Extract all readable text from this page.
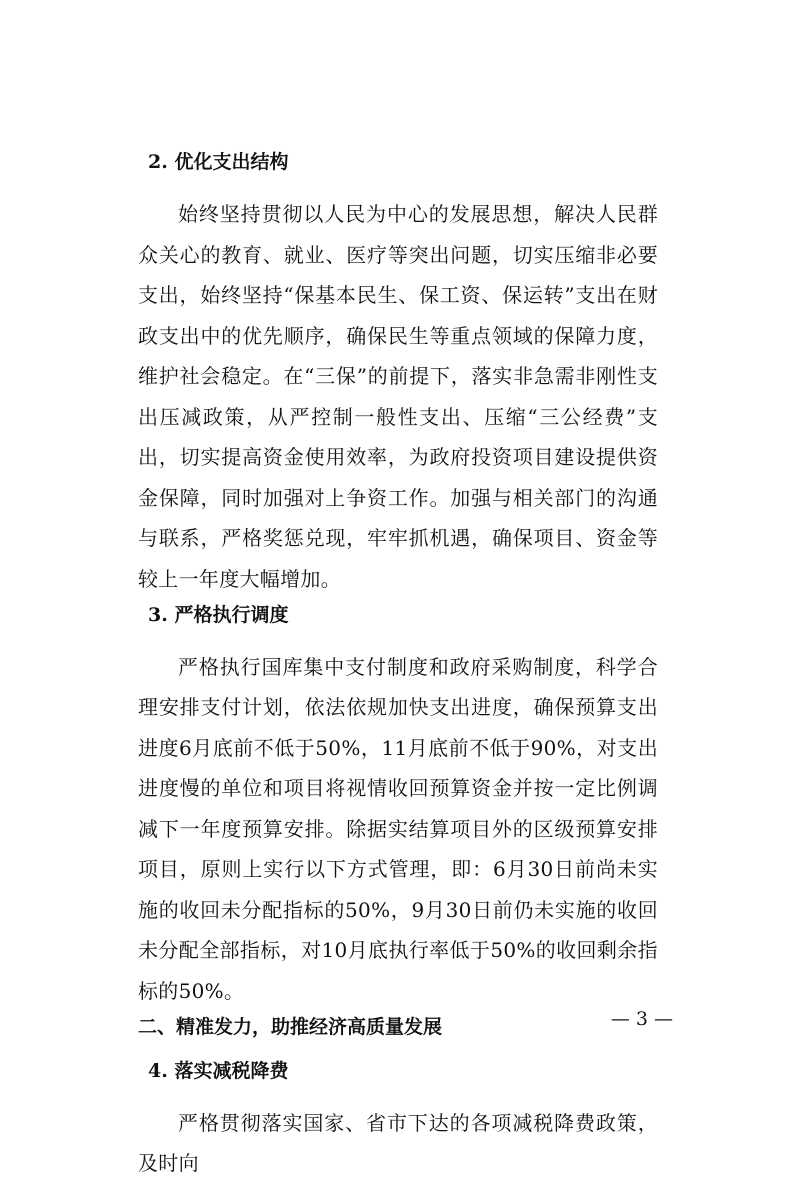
2. 优化支出结构

始终坚持贯彻以人民为中心的发展思想，解决人民群众关心的教育、就业、医疗等突出问题，切实压缩非必要支出，始终坚持“保基本民生、保工资、保运转”支出在财政支出中的优先顺序，确保民生等重点领域的保障力度，维护社会稳定。在“三保”的前提下，落实非急需非刚性支出压减政策，从严控制一般性支出、压缩“三公经费”支出，切实提高资金使用效率，为政府投资项目建设提供资金保障，同时加强对上争资工作。加强与相关部门的沟通与联系，严格奖惩兑现，牢牢抓机遇，确保项目、资金等较上一年度大幅增加。

3. 严格执行调度

严格执行国库集中支付制度和政府采购制度，科学合理安排支付计划，依法依规加快支出进度，确保预算支出进度6月底前不低于50%，11月底前不低于90%，对支出进度慢的单位和项目将视情收回预算资金并按一定比例调减下一年度预算安排。除据实结算项目外的区级预算安排项目，原则上实行以下方式管理，即：6月30日前尚未实施的收回未分配指标的50%，9月30日前仍未实施的收回未分配全部指标，对10月底执行率低于50%的收回剩余指标的50%。

二、精准发力，助推经济高质量发展
4. 落实减税降费

严格贯彻落实国家、省市下达的各项减税降费政策，及时向

— 3 —
